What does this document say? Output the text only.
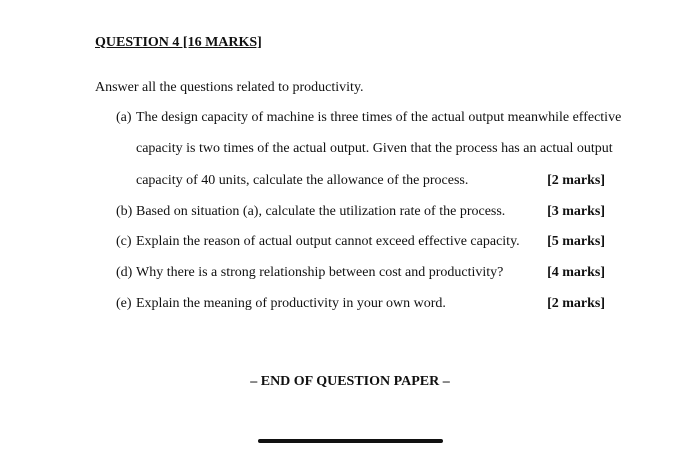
QUESTION 4 [16 MARKS]
Answer all the questions related to productivity.
(a) The design capacity of machine is three times of the actual output meanwhile effective
capacity is two times of the actual output. Given that the process has an actual output
capacity of 40 units, calculate the allowance of the process.	[2 marks]
(b) Based on situation (a), calculate the utilization rate of the process.	[3 marks]
(c) Explain the reason of actual output cannot exceed effective capacity. [5 marks]
(d) Why there is a strong relationship between cost and productivity?	[4 marks]
(e) Explain the meaning of productivity in your own word.	[2 marks]
– END OF QUESTION PAPER –
